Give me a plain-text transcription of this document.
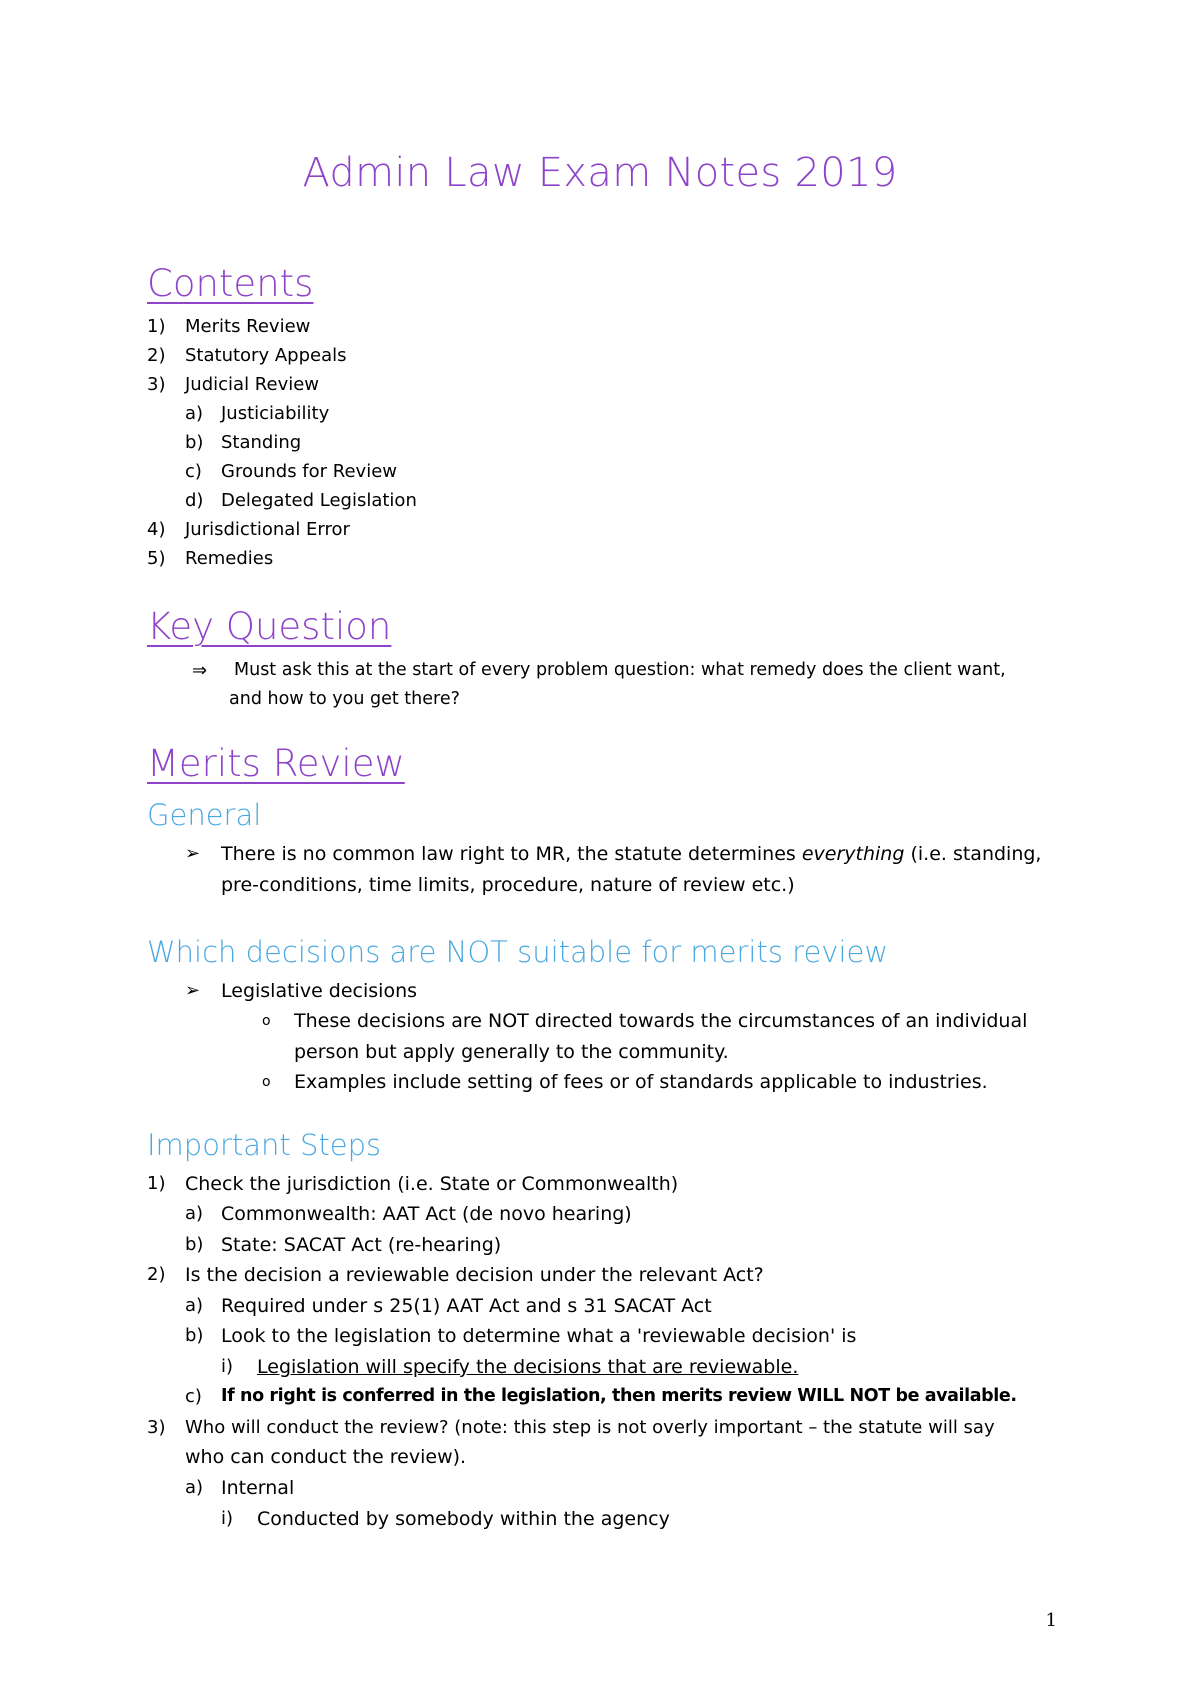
Admin Law Exam Notes 2019
Contents
1) Merits Review
2) Statutory Appeals
3) Judicial Review
a) Justiciability
b) Standing
c) Grounds for Review
d) Delegated Legislation
4) Jurisdictional Error
5) Remedies
Key Question
⇒ Must ask this at the start of every problem question: what remedy does the client want,
and how to you get there?
Merits Review
General
➢ There is no common law right to MR, the statute determines everything (i.e. standing,
pre-conditions, time limits, procedure, nature of review etc.)
Which decisions are NOT suitable for merits review
➢ Legislative decisions
o These decisions are NOT directed towards the circumstances of an individual
person but apply generally to the community.
o Examples include setting of fees or of standards applicable to industries.
Important Steps
1) Check the jurisdiction (i.e. State or Commonwealth)
a) Commonwealth: AAT Act (de novo hearing)
b) State: SACAT Act (re-hearing)
2) Is the decision a reviewable decision under the relevant Act?
a) Required under s 25(1) AAT Act and s 31 SACAT Act
b) Look to the legislation to determine what a 'reviewable decision' is
i) Legislation will specify the decisions that are reviewable.
c) If no right is conferred in the legislation, then merits review WILL NOT be available.
3) Who will conduct the review? (note: this step is not overly important – the statute will say
who can conduct the review).
a) Internal
i) Conducted by somebody within the agency
1
